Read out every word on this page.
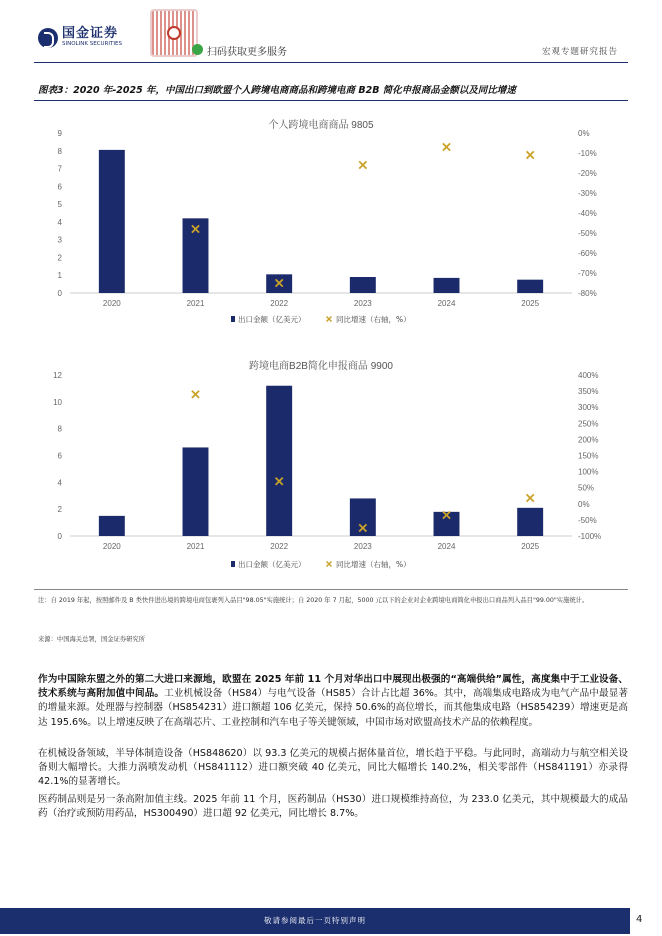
国金证券
SINOLINK SECURITIES
扫码获取更多服务	宏观专题研究报告
图表3：2020 年-2025 年，中国出口到欧盟个人跨境电商商品和跨境电商 B2B 简化申报商品金额以及同比增速
个人跨境电商商品 9805
0
1
2
3
4
5
6
7
8
9	0%
-10%
-20%
-30%
-40%
-50%
-60%
-70%
-80%
2020	2021	2022	2023	2024	2025
出口金额（亿美元）	同比增速（右轴，%）
跨境电商B2B简化申报商品 9900
0
2
4
6
8
10
12	400%
350%
300%
250%
200%
150%
100%
50%
0%
-50%
-100%
2020	2021	2022	2023	2024	2025
出口金额（亿美元）	同比增速（右轴，%）
注：自 2019 年起，按照邮件及 B 类快件进出境的跨境电商包裹列入品目"98.05"实施统计；自 2020 年 7 月起，5000 元以下的企业对企业跨境电商简化申报出口商品列入品目"99.00"实施统计。
来源：中国海关总署，国金证券研究所
作为中国除东盟之外的第二大进口来源地，欧盟在 2025 年前 11 个月对华出口中展现出极强的“高端供给”属性，高度集中于工业设备、技术系统与高附加值中间品。工业机械设备（HS84）与电气设备（HS85）合计占比超 36%。其中，高端集成电路成为电气产品中最显著的增量来源。处理器与控制器（HS854231）进口额超 106 亿美元，保持 50.6%的高位增长，而其他集成电路（HS854239）增速更是高达 195.6%。以上增速反映了在高端芯片、工业控制和汽车电子等关键领域，中国市场对欧盟高技术产品的依赖程度。
在机械设备领域，半导体制造设备（HS848620）以 93.3 亿美元的规模占据体量首位，增长趋于平稳。与此同时，高端动力与航空相关设备则大幅增长。大推力涡喷发动机（HS841112）进口额突破 40 亿美元，同比大幅增长 140.2%，相关零部件（HS841191）亦录得 42.1%的显著增长。
医药制品则是另一条高附加值主线。2025 年前 11 个月，医药制品（HS30）进口规模维持高位，为 233.0 亿美元，其中规模最大的成品药（治疗或预防用药品，HS300490）进口超 92 亿美元，同比增长 8.7%。
敬请参阅最后一页特别声明	4
